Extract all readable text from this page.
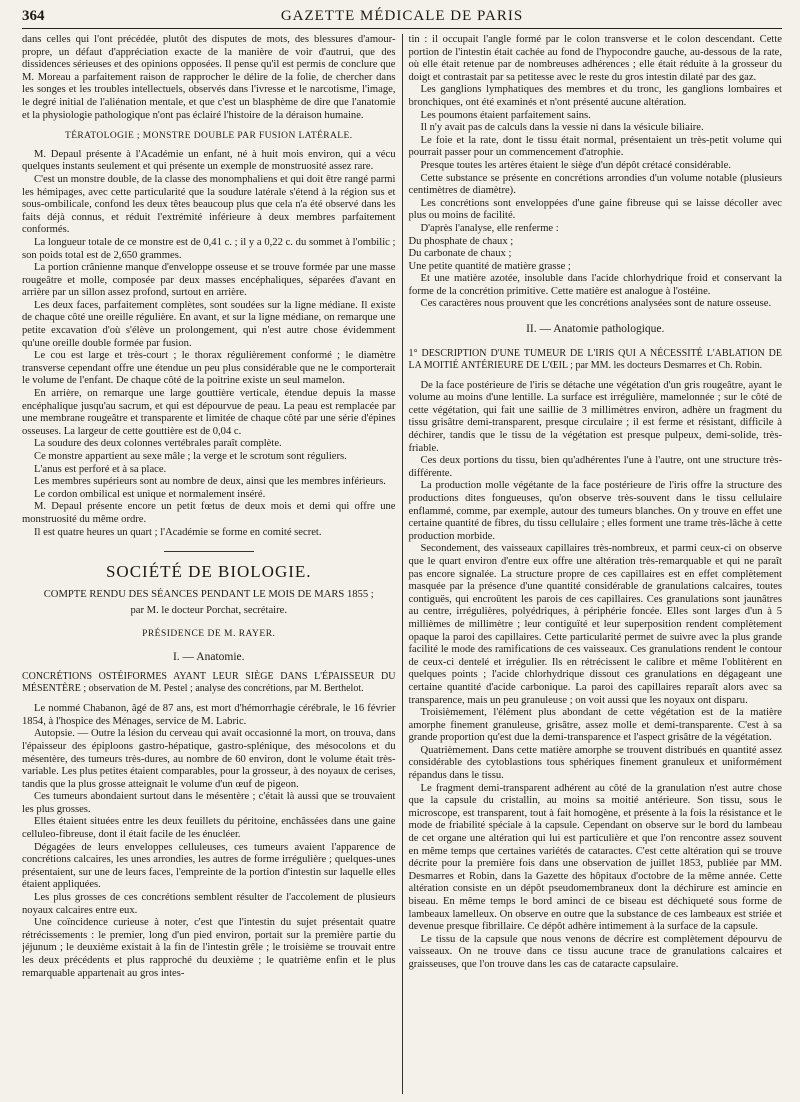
364	GAZETTE MÉDICALE DE PARIS

dans celles qui l'ont précédée, plutôt des disputes de mots, des blessures d'amour-propre, un défaut d'appréciation exacte de la manière de voir d'autrui, que des dissidences sérieuses et des opinions opposées. Il pense qu'il est permis de conclure que M. Moreau a parfaitement raison de rapprocher le délire de la folie, de chercher dans les songes et les troubles intellectuels, observés dans l'ivresse et le narcotisme, l'image, le degré initial de l'aliénation mentale, et que c'est un blasphème de dire que l'anatomie et la physiologie pathologique n'ont pas éclairé l'histoire de la déraison humaine.

TÉRATOLOGIE ; MONSTRE DOUBLE PAR FUSION LATÉRALE.

M. Depaul présente à l'Académie un enfant, né à huit mois environ, qui a vécu quelques instants seulement et qui présente un exemple de monstruosité assez rare.

C'est un monstre double, de la classe des monomphaliens et qui doit être rangé parmi les hémipages, avec cette particularité que la soudure latérale s'étend à la région sus et sous-ombilicale, confond les deux têtes beaucoup plus que cela n'a été observé dans les faits déjà connus, et réduit l'extrémité inférieure à deux membres parfaitement conformés.

La longueur totale de ce monstre est de 0,41 c. ; il y a 0,22 c. du sommet à l'ombilic ; son poids total est de 2,650 grammes.

La portion crânienne manque d'enveloppe osseuse et se trouve formée par une masse rougeâtre et molle, composée par deux masses encéphaliques, séparées d'avant en arrière par un sillon assez profond, surtout en arrière.

Les deux faces, parfaitement complètes, sont soudées sur la ligne médiane. Il existe de chaque côté une oreille régulière. En avant, et sur la ligne médiane, on remarque une petite excavation d'où s'élève un prolongement, qui n'est autre chose évidemment qu'une oreille double formée par fusion.

Le cou est large et très-court ; le thorax régulièrement conformé ; le diamètre transverse cependant offre une étendue un peu plus considérable que ne le comporterait le volume de l'enfant. De chaque côté de la poitrine existe un seul mamelon.

En arrière, on remarque une large gouttière verticale, étendue depuis la masse encéphalique jusqu'au sacrum, et qui est dépourvue de peau. La peau est remplacée par une membrane rougeâtre et transparente et limitée de chaque côté par une série d'épines osseuses. La largeur de cette gouttière est de 0,04 c.

La soudure des deux colonnes vertébrales paraît complète.

Ce monstre appartient au sexe mâle ; la verge et le scrotum sont réguliers.

L'anus est perforé et à sa place.

Les membres supérieurs sont au nombre de deux, ainsi que les membres inférieurs.

Le cordon ombilical est unique et normalement inséré.

M. Depaul présente encore un petit fœtus de deux mois et demi qui offre une monstruosité du même ordre.

Il est quatre heures un quart ; l'Académie se forme en comité secret.

SOCIÉTÉ DE BIOLOGIE.
COMPTE RENDU DES SÉANCES PENDANT LE MOIS DE MARS 1855 ;
par M. le docteur Porchat, secrétaire.
PRÉSIDENCE DE M. RAYER.
I. — Anatomie.
CONCRÉTIONS OSTÉIFORMES AYANT LEUR SIÈGE DANS L'ÉPAISSEUR DU MÉSENTÈRE ; observation de M. Pestel ; analyse des concrétions, par M. Berthelot.

Le nommé Chabanon, âgé de 87 ans, est mort d'hémorrhagie cérébrale, le 16 février 1854, à l'hospice des Ménages, service de M. Labric.

Autopsie. — Outre la lésion du cerveau qui avait occasionné la mort, on trouva, dans l'épaisseur des épiploons gastro-hépatique, gastro-splénique, des mésocolons et du mésentère, des tumeurs très-dures, au nombre de 60 environ, dont le volume était très-variable. Les plus petites étaient comparables, pour la grosseur, à des noyaux de cerises, tandis que la plus grosse atteignait le volume d'un œuf de pigeon.

Ces tumeurs abondaient surtout dans le mésentère ; c'était là aussi que se trouvaient les plus grosses.

Elles étaient situées entre les deux feuillets du péritoine, enchâssées dans une gaine celluleo-fibreuse, dont il était facile de les énucléer.

Dégagées de leurs enveloppes celluleuses, ces tumeurs avaient l'apparence de concrétions calcaires, les unes arrondies, les autres de forme irrégulière ; quelques-unes présentaient, sur une de leurs faces, l'empreinte de la portion d'intestin sur laquelle elles étaient appliquées.

Les plus grosses de ces concrétions semblent résulter de l'accolement de plusieurs noyaux calcaires entre eux.

Une coïncidence curieuse à noter, c'est que l'intestin du sujet présentait quatre rétrécissements : le premier, long d'un pied environ, portait sur la première partie du jéjunum ; le deuxième existait à la fin de l'intestin grêle ; le troisième se trouvait entre les deux précédents et plus rapproché du deuxième ; le quatrième enfin et le plus remarquable appartenait au gros intes-

tin : il occupait l'angle formé par le colon transverse et le colon descendant. Cette portion de l'intestin était cachée au fond de l'hypocondre gauche, au-dessous de la rate, où elle était retenue par de nombreuses adhérences ; elle était réduite à la grosseur du doigt et contrastait par sa petitesse avec le reste du gros intestin dilaté par des gaz.

Les ganglions lymphatiques des membres et du tronc, les ganglions lombaires et bronchiques, ont été examinés et n'ont présenté aucune altération.

Les poumons étaient parfaitement sains.

Il n'y avait pas de calculs dans la vessie ni dans la vésicule biliaire.

Le foie et la rate, dont le tissu était normal, présentaient un très-petit volume qui pourrait passer pour un commencement d'atrophie.

Presque toutes les artères étaient le siège d'un dépôt crétacé considérable.

Cette substance se présente en concrétions arrondies d'un volume notable (plusieurs centimètres de diamètre).

Les concrétions sont enveloppées d'une gaine fibreuse qui se laisse décoller avec plus ou moins de facilité.

D'après l'analyse, elle renferme :

Du phosphate de chaux ;

Du carbonate de chaux ;

Une petite quantité de matière grasse ;

Et une matière azotée, insoluble dans l'acide chlorhydrique froid et conservant la forme de la concrétion primitive. Cette matière est analogue à l'ostéine.

Ces caractères nous prouvent que les concrétions analysées sont de nature osseuse.

II. — Anatomie pathologique.
1° DESCRIPTION D'UNE TUMEUR DE L'IRIS QUI A NÉCESSITÉ L'ABLATION DE LA MOITIÉ ANTÉRIEURE DE L'ŒIL ; par MM. les docteurs Desmarres et Ch. Robin.

De la face postérieure de l'iris se détache une végétation d'un gris rougeâtre, ayant le volume au moins d'une lentille. La surface est irrégulière, mamelonnée ; sur le côté de cette végétation, qui fait une saillie de 3 millimètres environ, adhère un fragment du tissu grisâtre demi-transparent, presque circulaire ; il est ferme et résistant, difficile à déchirer, tandis que le tissu de la végétation est presque pulpeux, demi-solide, très-friable.

Ces deux portions du tissu, bien qu'adhérentes l'une à l'autre, ont une structure très-différente.

La production molle végétante de la face postérieure de l'iris offre la structure des productions dites fongueuses, qu'on observe très-souvent dans le tissu cellulaire enflammé, comme, par exemple, autour des tumeurs blanches. On y trouve en effet une certaine quantité de fibres, du tissu cellulaire ; elles forment une trame très-lâche à cette production morbide.

Secondement, des vaisseaux capillaires très-nombreux, et parmi ceux-ci on observe que le quart environ d'entre eux offre une altération très-remarquable et qui ne paraît pas encore signalée. La structure propre de ces capillaires est en effet complètement masquée par la présence d'une quantité considérable de granulations calcaires, toutes contiguës, qui encroûtent les parois de ces capillaires. Ces granulations sont jaunâtres au centre, irrégulières, polyédriques, à périphérie foncée. Elles sont larges d'un à 5 millièmes de millimètre ; leur contiguïté et leur superposition rendent complètement opaque la paroi des capillaires. Cette particularité permet de suivre avec la plus grande facilité le mode des ramifications de ces vaisseaux. Ces granulations rendent le contour de ceux-ci dentelé et irrégulier. Ils en rétrécissent le calibre et même l'oblitèrent en quelques points ; l'acide chlorhydrique dissout ces granulations en dégageant une certaine quantité d'acide carbonique. La paroi des capillaires reparaît alors avec sa transparence, mais un peu granuleuse ; on voit aussi que les noyaux ont disparu.

Troisièmement, l'élément plus abondant de cette végétation est de la matière amorphe finement granuleuse, grisâtre, assez molle et demi-transparente. C'est à sa grande proportion qu'est due la demi-transparence et l'aspect grisâtre de la végétation.

Quatrièmement. Dans cette matière amorphe se trouvent distribués en quantité assez considérable des cytoblastions tous sphériques finement granuleux et uniformément répandus dans le tissu.

Le fragment demi-transparent adhérent au côté de la granulation n'est autre chose que la capsule du cristallin, au moins sa moitié antérieure. Son tissu, sous le microscope, est transparent, tout à fait homogène, et présente à la fois la résistance et le mode de friabilité spéciale à la capsule. Cependant on observe sur le bord du lambeau de cet organe une altération qui lui est particulière et que l'on rencontre assez souvent en même temps que certaines variétés de cataractes. C'est cette altération qui se trouve décrite pour la première fois dans une observation de juillet 1853, publiée par MM. Desmarres et Robin, dans la Gazette des hôpitaux d'octobre de la même année. Cette altération consiste en un dépôt pseudomembraneux dont la déchirure est amincie en biseau. En même temps le bord aminci de ce biseau est déchiqueté sous forme de lambeaux lamelleux. On observe en outre que la substance de ces lambeaux est striée et devenue presque fibrillaire. Ce dépôt adhère intimement à la surface de la capsule.

Le tissu de la capsule que nous venons de décrire est complètement dépourvu de vaisseaux. On ne trouve dans ce tissu aucune trace de granulations calcaires et graisseuses, que l'on trouve dans les cas de cataracte capsulaire.
